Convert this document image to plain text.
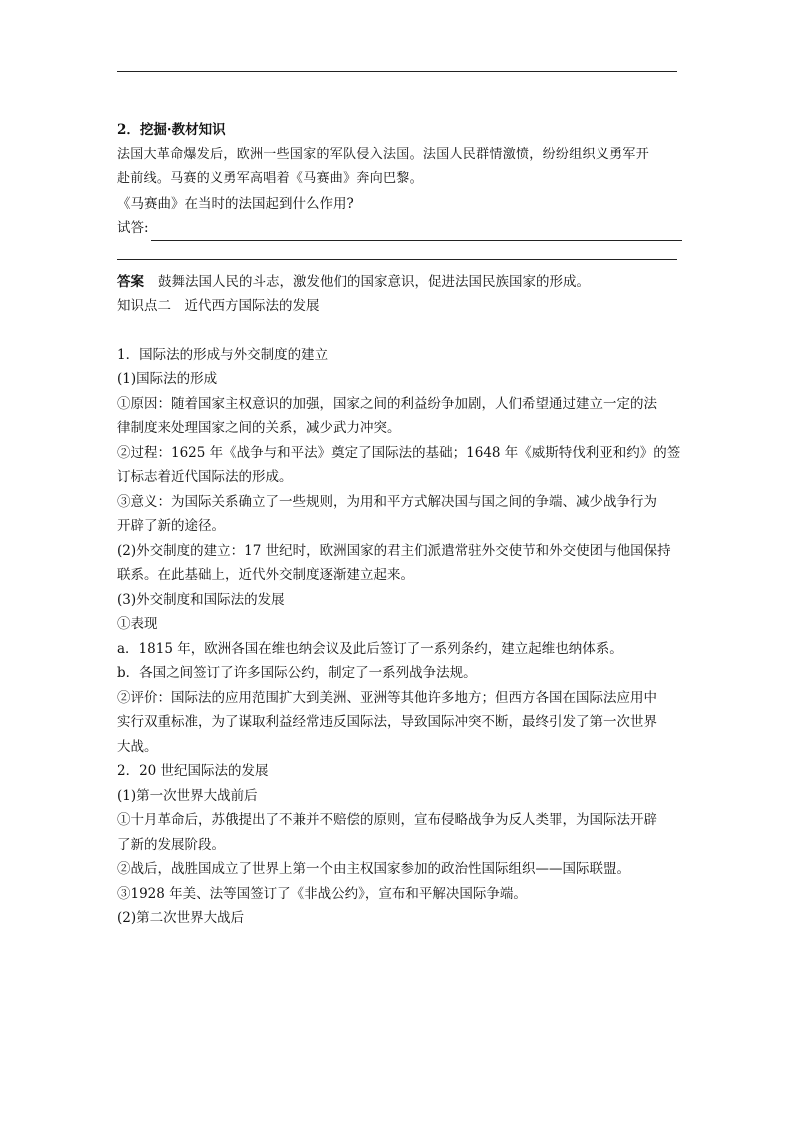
2．挖掘·教材知识
法国大革命爆发后，欧洲一些国家的军队侵入法国。法国人民群情激愤，纷纷组织义勇军开
赴前线。马赛的义勇军高唱着《马赛曲》奔向巴黎。
《马赛曲》在当时的法国起到什么作用?
试答:
答案 鼓舞法国人民的斗志，激发他们的国家意识，促进法国民族国家的形成。
知识点二　近代西方国际法的发展
1．国际法的形成与外交制度的建立
(1)国际法的形成
①原因：随着国家主权意识的加强，国家之间的利益纷争加剧，人们希望通过建立一定的法
律制度来处理国家之间的关系，减少武力冲突。
②过程：1625 年《战争与和平法》奠定了国际法的基础；1648 年《威斯特伐利亚和约》的签
订标志着近代国际法的形成。
③意义：为国际关系确立了一些规则，为用和平方式解决国与国之间的争端、减少战争行为
开辟了新的途径。
(2)外交制度的建立：17 世纪时，欧洲国家的君主们派遣常驻外交使节和外交使团与他国保持
联系。在此基础上，近代外交制度逐渐建立起来。
(3)外交制度和国际法的发展
①表现
a．1815 年，欧洲各国在维也纳会议及此后签订了一系列条约，建立起维也纳体系。
b．各国之间签订了许多国际公约，制定了一系列战争法规。
②评价：国际法的应用范围扩大到美洲、亚洲等其他许多地方；但西方各国在国际法应用中
实行双重标准，为了谋取利益经常违反国际法，导致国际冲突不断，最终引发了第一次世界
大战。
2．20 世纪国际法的发展
(1)第一次世界大战前后
①十月革命后，苏俄提出了不兼并不赔偿的原则，宣布侵略战争为反人类罪，为国际法开辟
了新的发展阶段。
②战后，战胜国成立了世界上第一个由主权国家参加的政治性国际组织——国际联盟。
③1928 年美、法等国签订了《非战公约》，宣布和平解决国际争端。
(2)第二次世界大战后
